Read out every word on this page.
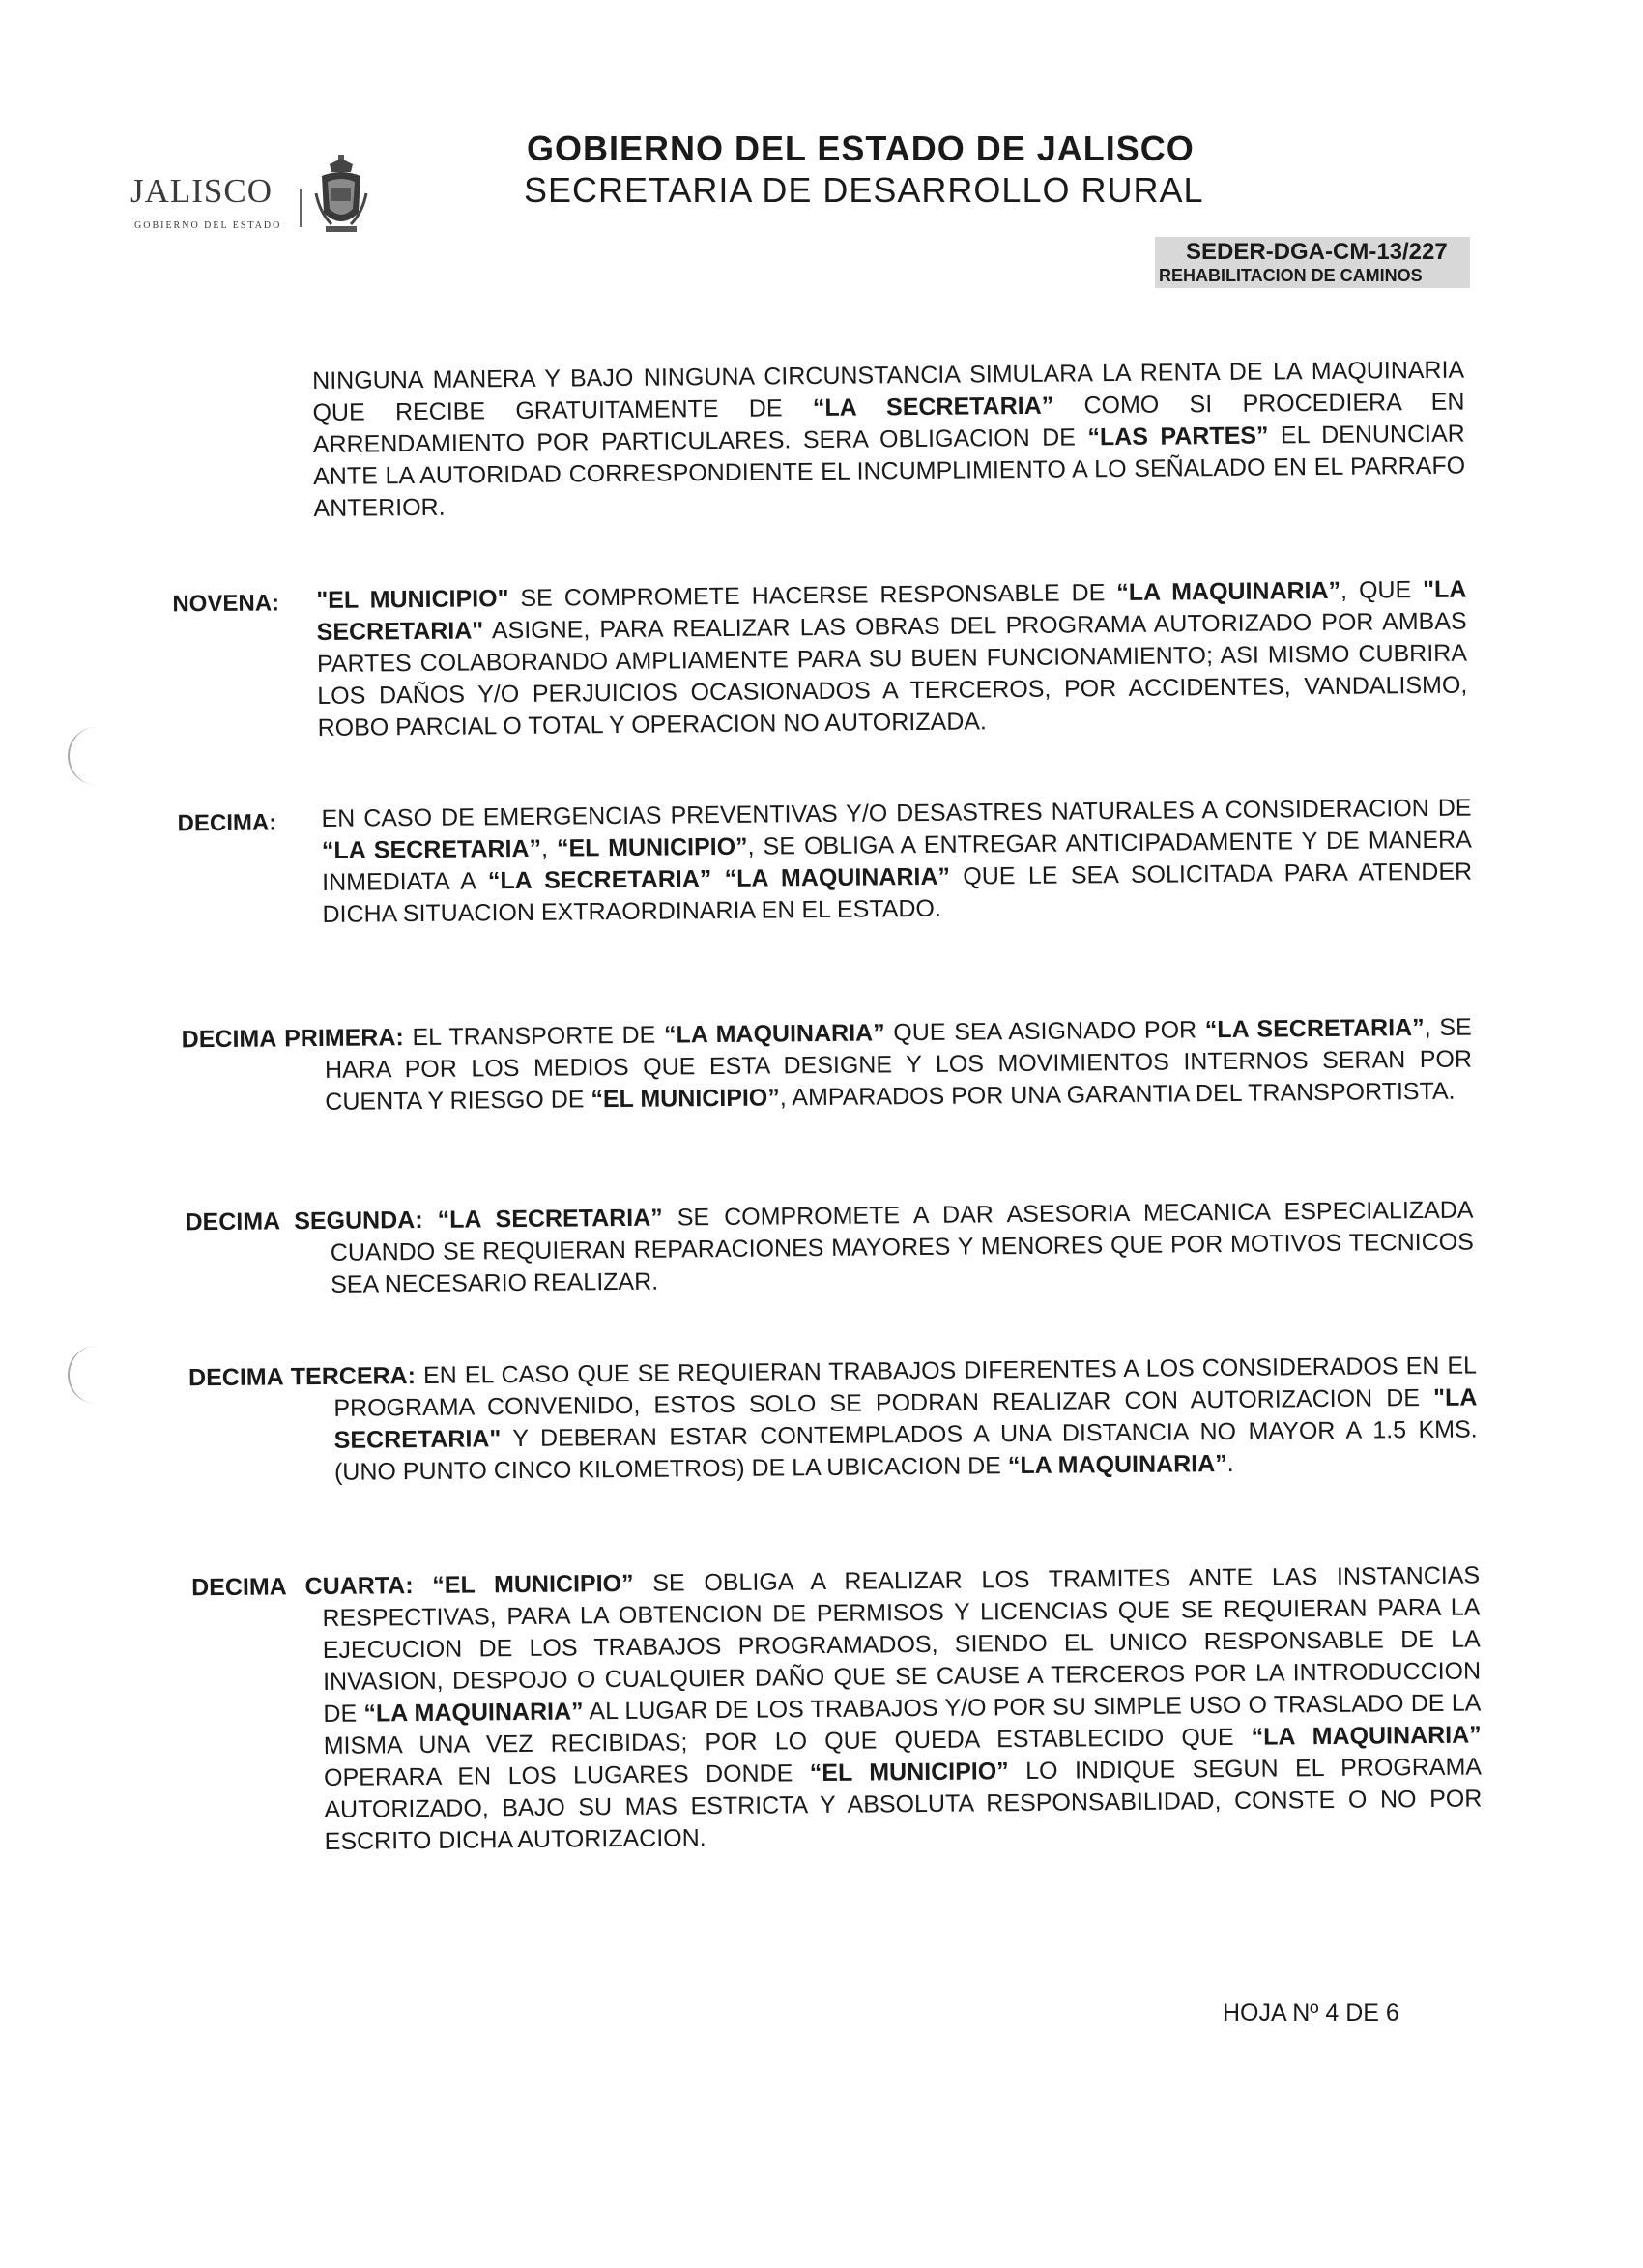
JALISCO
GOBIERNO DEL ESTADO
GOBIERNO DEL ESTADO DE JALISCO
SECRETARIA DE DESARROLLO RURAL
SEDER-DGA-CM-13/227
REHABILITACION DE CAMINOS
NINGUNA MANERA Y BAJO NINGUNA CIRCUNSTANCIA SIMULARA LA RENTA DE LA MAQUINARIA QUE RECIBE GRATUITAMENTE DE “LA SECRETARIA” COMO SI PROCEDIERA EN ARRENDAMIENTO POR PARTICULARES. SERA OBLIGACION DE “LAS PARTES” EL DENUNCIAR ANTE LA AUTORIDAD CORRESPONDIENTE EL INCUMPLIMIENTO A LO SEÑALADO EN EL PARRAFO ANTERIOR.
NOVENA: "EL MUNICIPIO" SE COMPROMETE HACERSE RESPONSABLE DE “LA MAQUINARIA”, QUE "LA SECRETARIA" ASIGNE, PARA REALIZAR LAS OBRAS DEL PROGRAMA AUTORIZADO POR AMBAS PARTES COLABORANDO AMPLIAMENTE PARA SU BUEN FUNCIONAMIENTO; ASI MISMO CUBRIRA LOS DAÑOS Y/O PERJUICIOS OCASIONADOS A TERCEROS, POR ACCIDENTES, VANDALISMO, ROBO PARCIAL O TOTAL Y OPERACION NO AUTORIZADA.
DECIMA: EN CASO DE EMERGENCIAS PREVENTIVAS Y/O DESASTRES NATURALES A CONSIDERACION DE “LA SECRETARIA”, “EL MUNICIPIO”, SE OBLIGA A ENTREGAR ANTICIPADAMENTE Y DE MANERA INMEDIATA A “LA SECRETARIA” “LA MAQUINARIA” QUE LE SEA SOLICITADA PARA ATENDER DICHA SITUACION EXTRAORDINARIA EN EL ESTADO.
DECIMA PRIMERA: EL TRANSPORTE DE “LA MAQUINARIA” QUE SEA ASIGNADO POR “LA SECRETARIA”, SE HARA POR LOS MEDIOS QUE ESTA DESIGNE Y LOS MOVIMIENTOS INTERNOS SERAN POR CUENTA Y RIESGO DE “EL MUNICIPIO”, AMPARADOS POR UNA GARANTIA DEL TRANSPORTISTA.
DECIMA SEGUNDA: “LA SECRETARIA” SE COMPROMETE A DAR ASESORIA MECANICA ESPECIALIZADA CUANDO SE REQUIERAN REPARACIONES MAYORES Y MENORES QUE POR MOTIVOS TECNICOS SEA NECESARIO REALIZAR.
DECIMA TERCERA: EN EL CASO QUE SE REQUIERAN TRABAJOS DIFERENTES A LOS CONSIDERADOS EN EL PROGRAMA CONVENIDO, ESTOS SOLO SE PODRAN REALIZAR CON AUTORIZACION DE "LA SECRETARIA" Y DEBERAN ESTAR CONTEMPLADOS A UNA DISTANCIA NO MAYOR A 1.5 KMS. (UNO PUNTO CINCO KILOMETROS) DE LA UBICACION DE “LA MAQUINARIA”.
DECIMA CUARTA: “EL MUNICIPIO” SE OBLIGA A REALIZAR LOS TRAMITES ANTE LAS INSTANCIAS RESPECTIVAS, PARA LA OBTENCION DE PERMISOS Y LICENCIAS QUE SE REQUIERAN PARA LA EJECUCION DE LOS TRABAJOS PROGRAMADOS, SIENDO EL UNICO RESPONSABLE DE LA INVASION, DESPOJO O CUALQUIER DAÑO QUE SE CAUSE A TERCEROS POR LA INTRODUCCION DE “LA MAQUINARIA” AL LUGAR DE LOS TRABAJOS Y/O POR SU SIMPLE USO O TRASLADO DE LA MISMA UNA VEZ RECIBIDAS; POR LO QUE QUEDA ESTABLECIDO QUE “LA MAQUINARIA” OPERARA EN LOS LUGARES DONDE “EL MUNICIPIO” LO INDIQUE SEGUN EL PROGRAMA AUTORIZADO, BAJO SU MAS ESTRICTA Y ABSOLUTA RESPONSABILIDAD, CONSTE O NO POR ESCRITO DICHA AUTORIZACION.
HOJA Nº 4 DE 6
